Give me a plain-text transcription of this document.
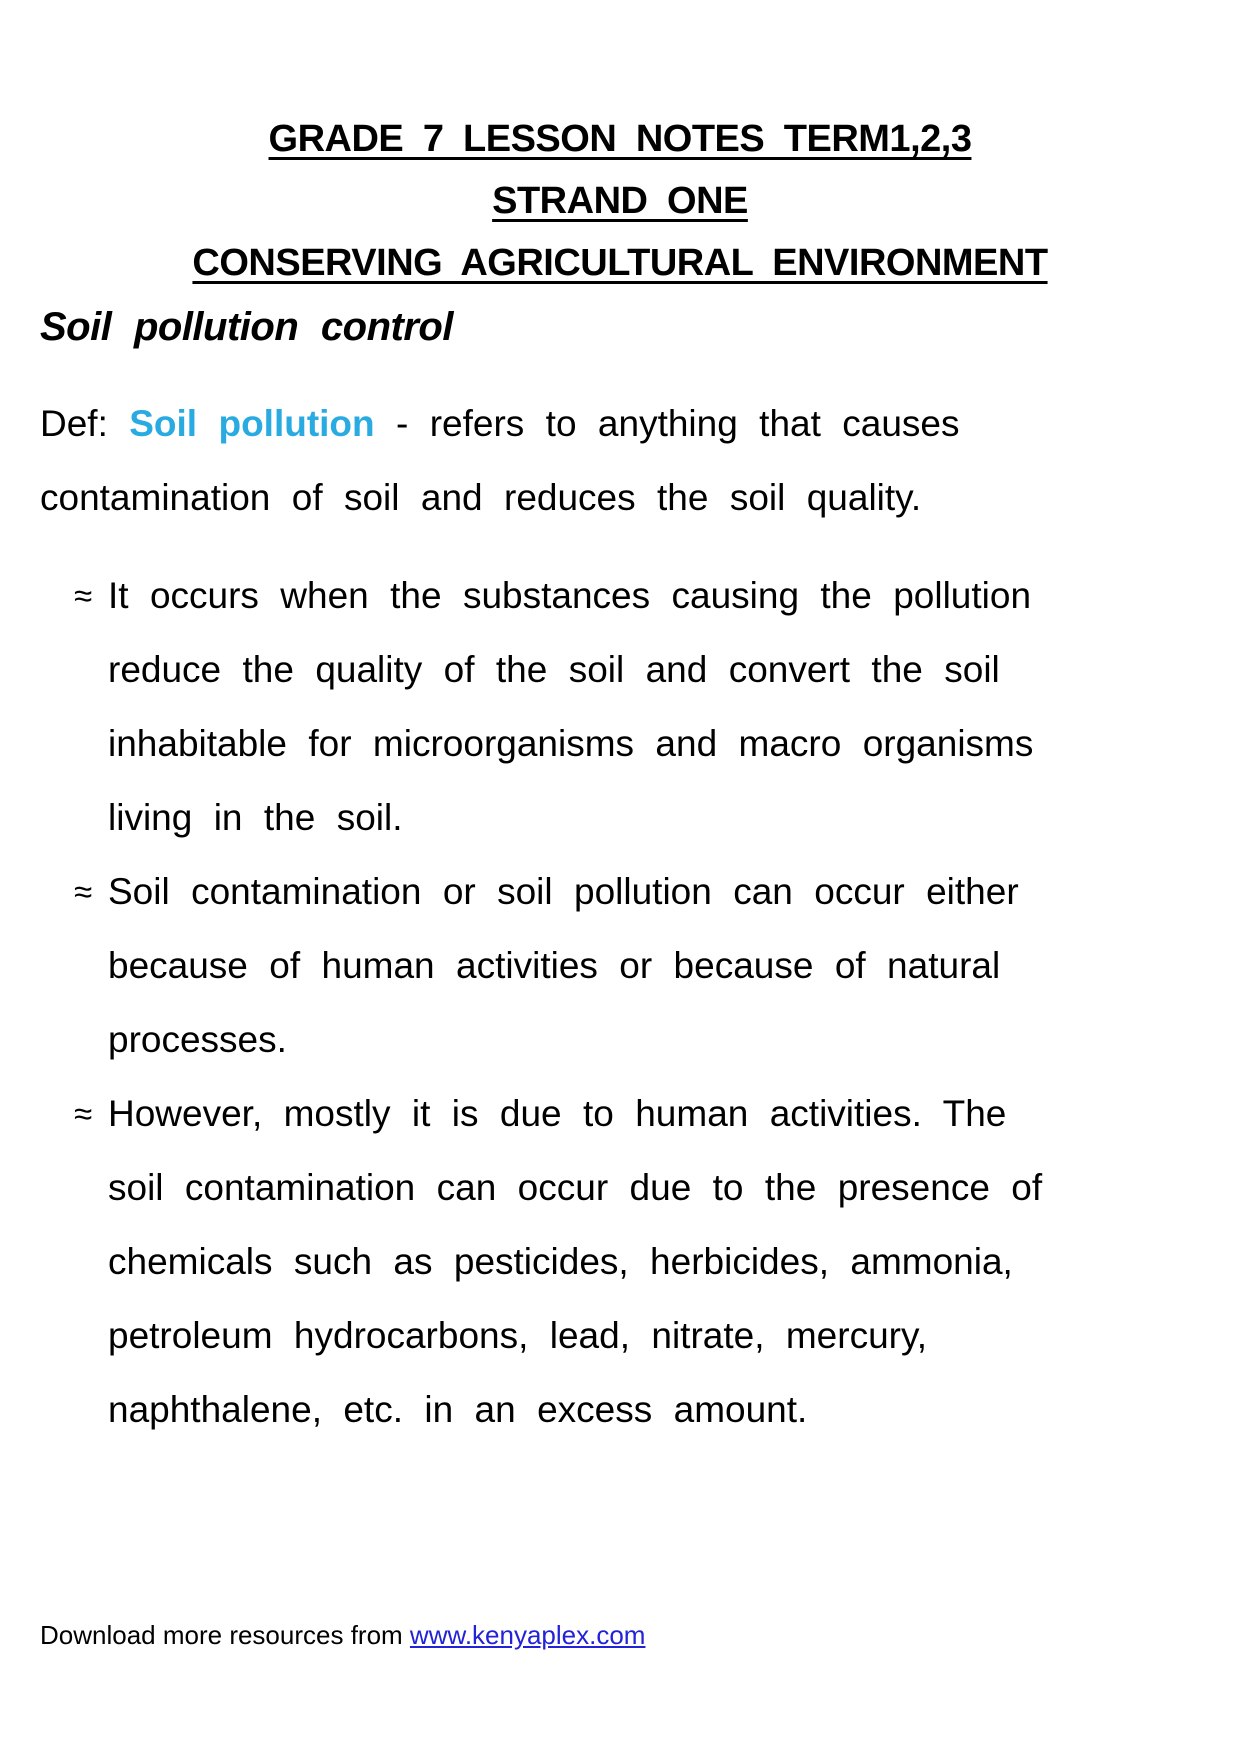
GRADE 7 LESSON NOTES TERM1,2,3
STRAND ONE
CONSERVING AGRICULTURAL ENVIRONMENT
Soil pollution control
Def: Soil pollution - refers to anything that causes
contamination of soil and reduces the soil quality.
≈ It occurs when the substances causing the pollution
reduce the quality of the soil and convert the soil
inhabitable for microorganisms and macro organisms
living in the soil.
≈ Soil contamination or soil pollution can occur either
because of human activities or because of natural
processes.
≈ However, mostly it is due to human activities. The
soil contamination can occur due to the presence of
chemicals such as pesticides, herbicides, ammonia,
petroleum hydrocarbons, lead, nitrate, mercury,
naphthalene, etc. in an excess amount.
Download more resources from www.kenyaplex.com
